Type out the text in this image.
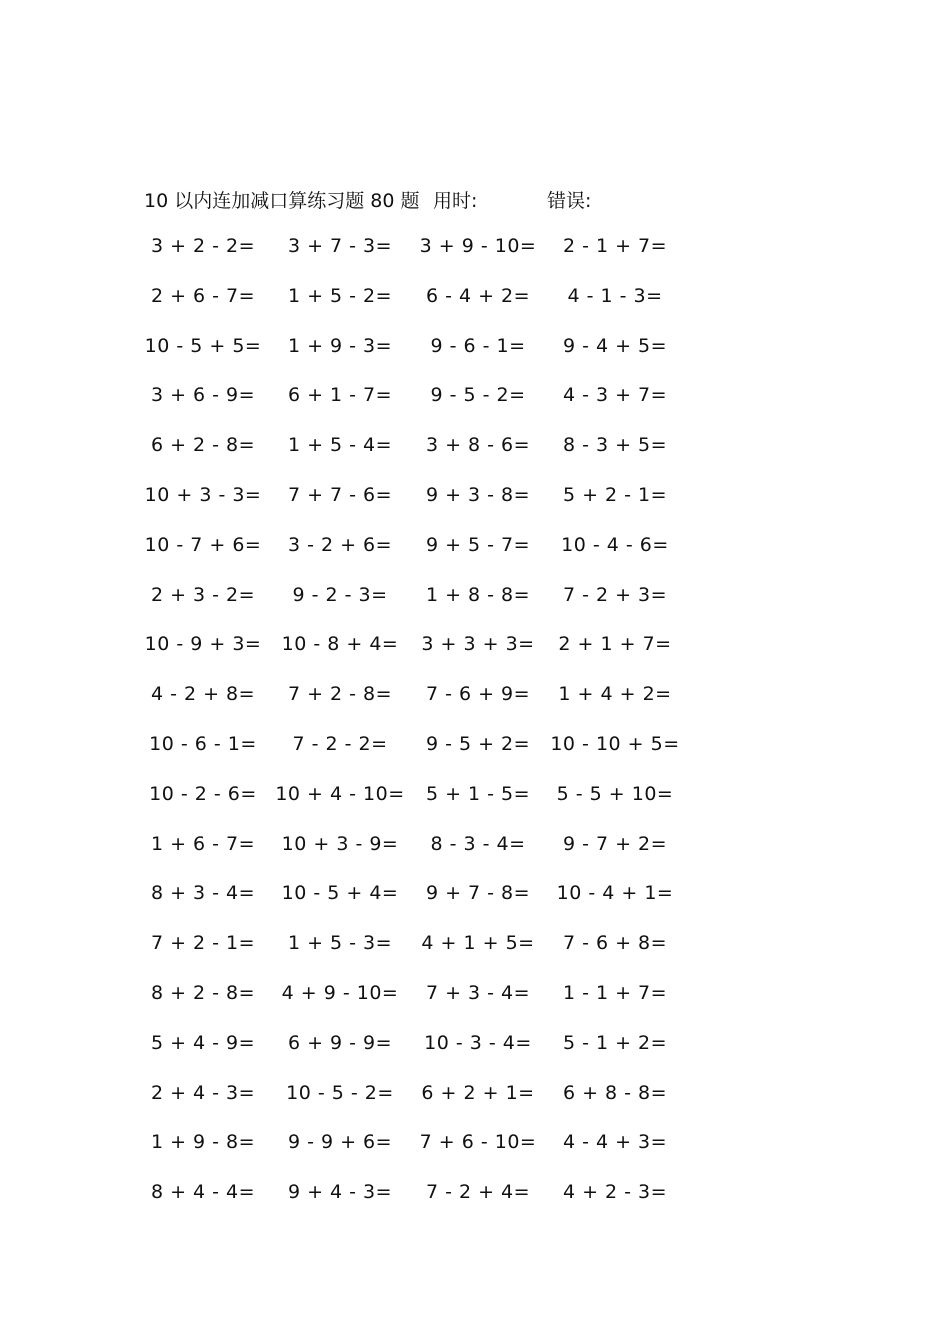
10 以内连加减口算练习题 80 题 用时:	错误:
3 + 2 - 2= 3 + 7 - 3= 3 + 9 - 10= 2 - 1 + 7=
2 + 6 - 7= 1 + 5 - 2= 6 - 4 + 2= 4 - 1 - 3=
10 - 5 + 5= 1 + 9 - 3= 9 - 6 - 1= 9 - 4 + 5=
3 + 6 - 9= 6 + 1 - 7= 9 - 5 - 2= 4 - 3 + 7=
6 + 2 - 8= 1 + 5 - 4= 3 + 8 - 6= 8 - 3 + 5=
10 + 3 - 3= 7 + 7 - 6= 9 + 3 - 8= 5 + 2 - 1=
10 - 7 + 6= 3 - 2 + 6= 9 + 5 - 7= 10 - 4 - 6=
2 + 3 - 2= 9 - 2 - 3= 1 + 8 - 8= 7 - 2 + 3=
10 - 9 + 3= 10 - 8 + 4= 3 + 3 + 3= 2 + 1 + 7=
4 - 2 + 8= 7 + 2 - 8= 7 - 6 + 9= 1 + 4 + 2=
10 - 6 - 1= 7 - 2 - 2= 9 - 5 + 2= 10 - 10 + 5=
10 - 2 - 6= 10 + 4 - 10= 5 + 1 - 5= 5 - 5 + 10=
1 + 6 - 7= 10 + 3 - 9= 8 - 3 - 4= 9 - 7 + 2=
8 + 3 - 4= 10 - 5 + 4= 9 + 7 - 8= 10 - 4 + 1=
7 + 2 - 1= 1 + 5 - 3= 4 + 1 + 5= 7 - 6 + 8=
8 + 2 - 8= 4 + 9 - 10= 7 + 3 - 4= 1 - 1 + 7=
5 + 4 - 9= 6 + 9 - 9= 10 - 3 - 4= 5 - 1 + 2=
2 + 4 - 3= 10 - 5 - 2= 6 + 2 + 1= 6 + 8 - 8=
1 + 9 - 8= 9 - 9 + 6= 7 + 6 - 10= 4 - 4 + 3=
8 + 4 - 4= 9 + 4 - 3= 7 - 2 + 4= 4 + 2 - 3=
